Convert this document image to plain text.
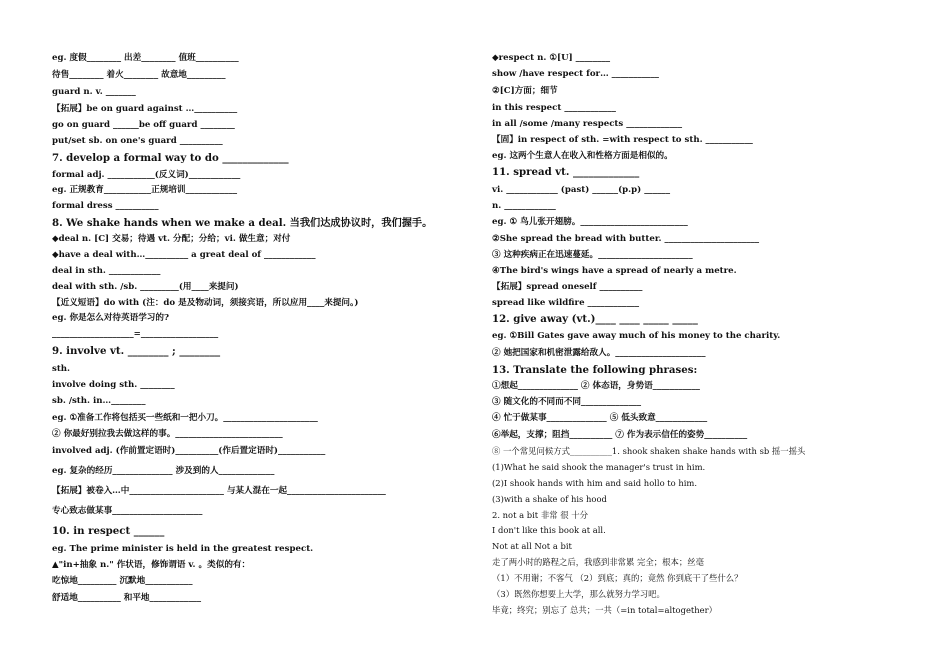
eg. 度假________ 出差________ 值班__________
待售________ 着火________ 故意地_________
guard n. v. _______
【拓展】be on guard against …__________
go on guard ______be off guard ________
put/set sb. on one's guard __________
7. develop a formal way to do _____________
formal adj. ___________(反义词)____________
eg. 正规教育___________正规培训____________
formal dress __________
8. We shake hands when we make a deal. 当我们达成协议时，我们握手。
◆deal n. [C] 交易；待遇 vt. 分配；分给；vi. 做生意；对付
◆have a deal with…__________ a great deal of ____________
deal in sth. ____________
deal with sth. /sb. _________(用____来提问)
【近义短语】do with (注：do 是及物动词，须接宾语，所以应用____来提问。)
eg. 你是怎么对待英语学习的?
___________________=__________________
9. involve vt. ________ ; ________
sth.
involve doing sth. ________
sb. /sth. in…________
eg. ①准备工作将包括买一些纸和一把小刀。______________________
② 你最好别拉我去做这样的事。_________________________
involved adj. (作前置定语时)__________(作后置定语时)___________
eg. 复杂的经历______________ 涉及到的人_____________
【拓展】被卷入…中______________________ 与某人混在一起_______________________
专心致志做某事_____________________
10. in respect ______
eg. The prime minister is held in the greatest respect.
▲"in+抽象 n." 作状语，修饰谓语 v. 。类似的有：
吃惊地_________ 沉默地___________
舒适地__________ 和平地____________
◆respect n. ①[U] ________
show /have respect for… ___________
②[C]方面；细节
in this respect ____________
in all /some /many respects _____________
【固】in respect of sth. =with respect to sth. ___________
eg. 这两个生意人在收入和性格方面是相似的。
11. spread vt. _____________
vi. ____________ (past) ______(p.p) ______
n. ____________
eg. ① 鸟儿张开翅膀。_________________________
②She spread the bread with butter. ______________________
③ 这种疾病正在迅速蔓延。______________________
④The bird's wings have a spread of nearly a metre.
【拓展】spread oneself __________
spread like wildfire ____________
12. give away (vt.)____ ____ _____ _____
eg. ①Bill Gates gave away much of his money to the charity.
② 她把国家和机密泄露给敌人。_____________________
13. Translate the following phrases:
①想起______________ ② 体态语，身势语___________
③ 随文化的不同而不同______________
④ 忙于做某事______________ ⑤ 低头致意____________
⑥举起，支撑；阻挡__________ ⑦ 作为表示信任的姿势__________
⑧ 一个常见问候方式__________1. shook shaken shake hands with sb 摇一摇头
(1)What he said shook the manager's trust in him.
(2)I shook hands with him and said hollo to him.
(3)with a shake of his hood
2. not a bit 非常 很 十分
I don't like this book at all.
Not at all Not a bit
走了两小时的路程之后，我感到非常累 完全；根本；丝毫
（1）不用谢；不客气 （2）到底；真的；竟然 你到底干了些什么？
（3）既然你想要上大学，那么就努力学习吧。
毕竟；终究；别忘了 总共；一共（=in total=altogether）
